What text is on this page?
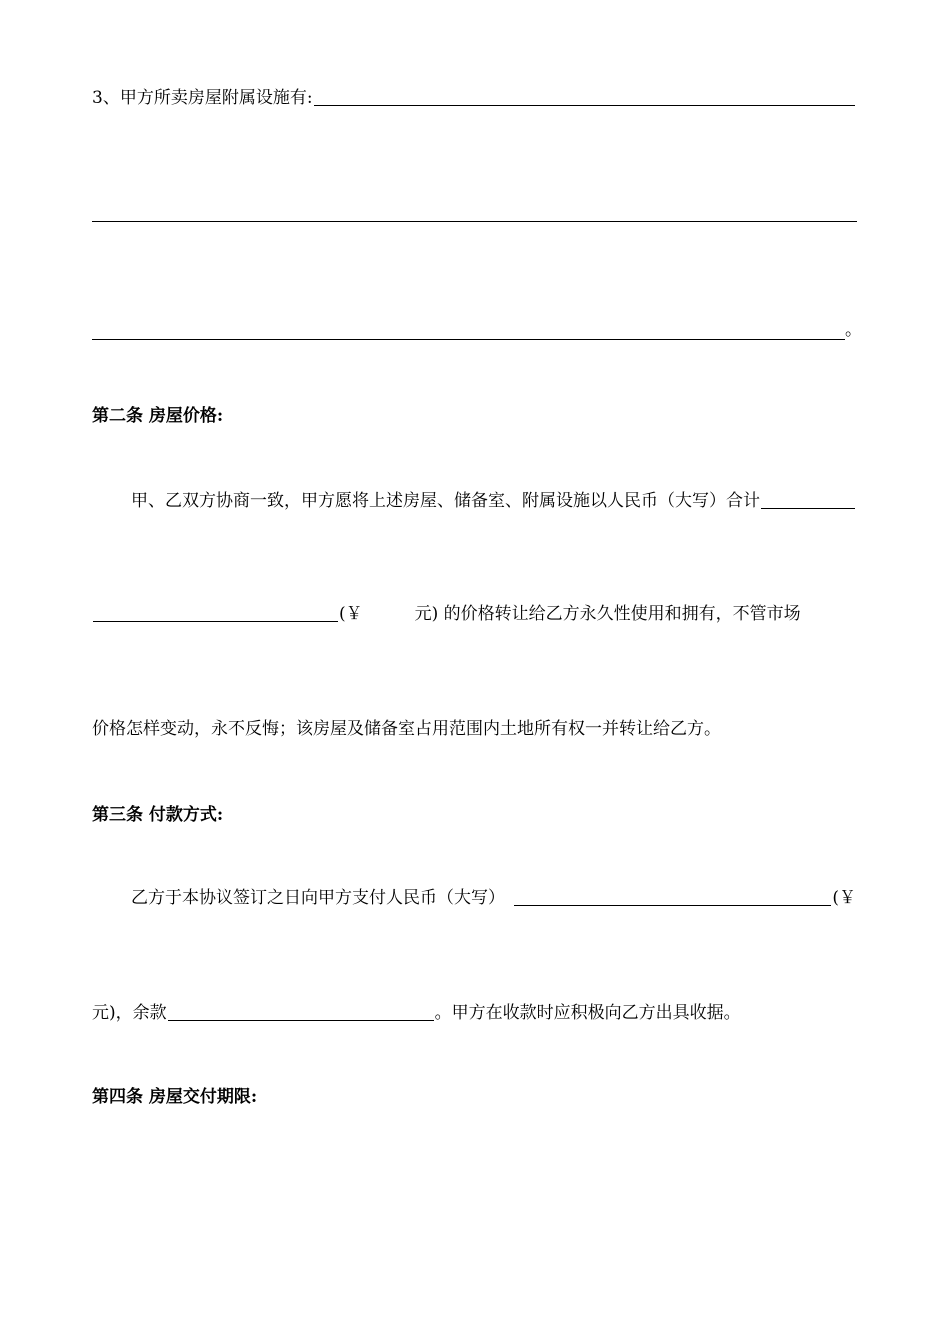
3、甲方所卖房屋附属设施有:
。
第二条 房屋价格:
甲、乙双方协商一致，甲方愿将上述房屋、储备室、附属设施以人民币（大写）合计
(￥	元) 的价格转让给乙方永久性使用和拥有，不管市场
价格怎样变动，永不反悔；该房屋及储备室占用范围内土地所有权一并转让给乙方。
第三条 付款方式:
乙方于本协议签订之日向甲方支付人民币（大写）	(￥
元)，余款	。甲方在收款时应积极向乙方出具收据。
第四条 房屋交付期限:
